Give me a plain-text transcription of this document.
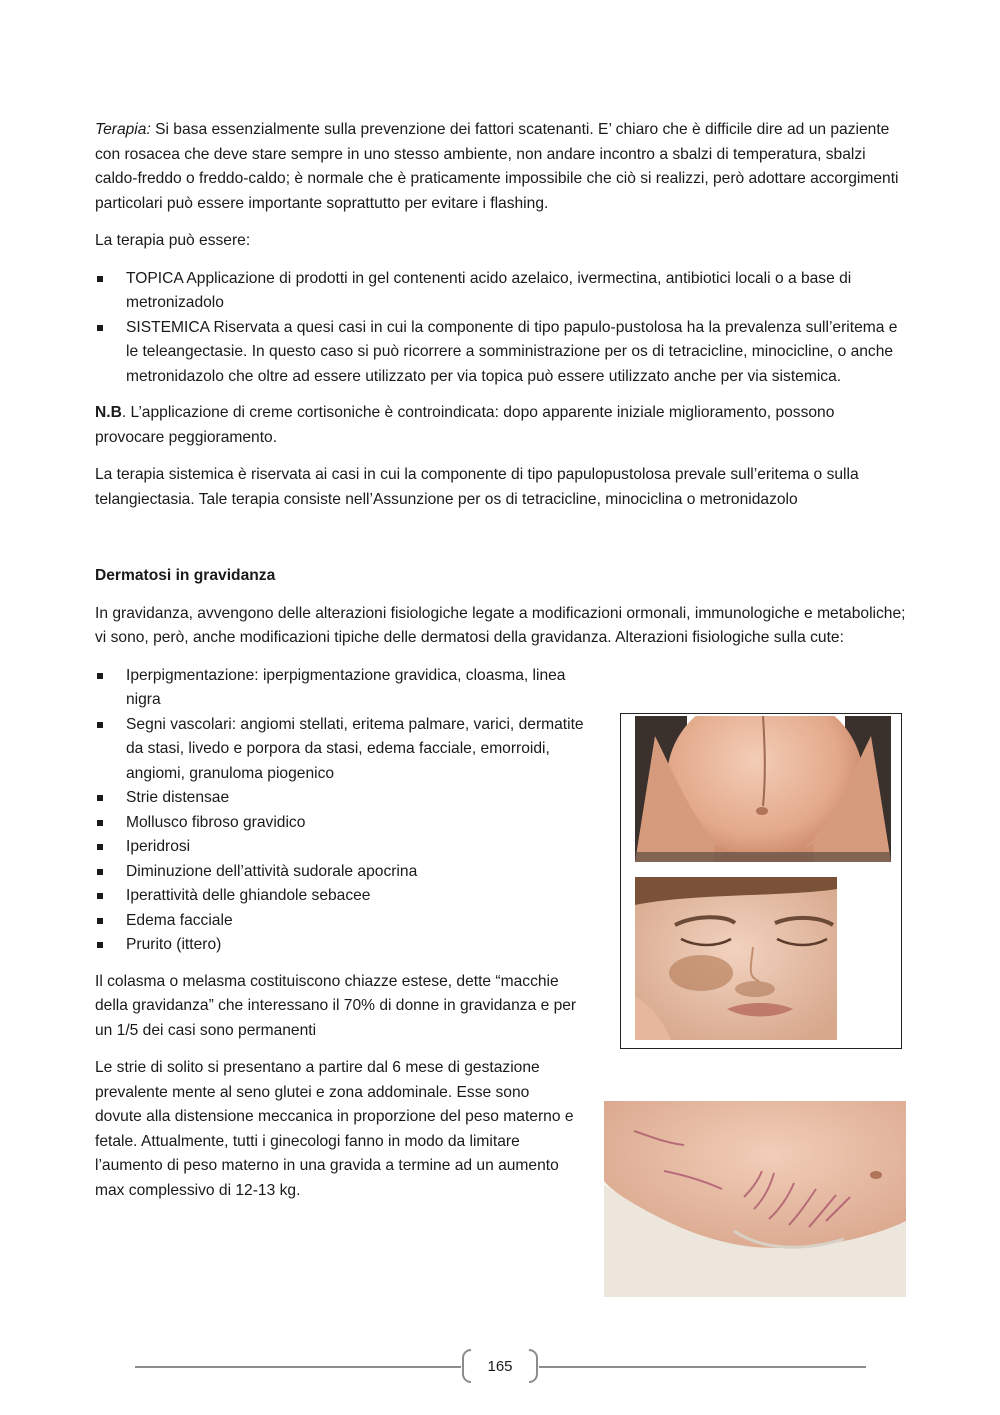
Terapia: Si basa essenzialmente sulla prevenzione dei fattori scatenanti. E’ chiaro che è difficile dire ad un paziente con rosacea che deve stare sempre in uno stesso ambiente, non andare incontro a sbalzi di temperatura, sbalzi caldo-freddo o freddo-caldo; è normale che è praticamente impossibile che ciò si realizzi, però adottare accorgimenti particolari può essere importante soprattutto per evitare i flashing.

La terapia può essere:

TOPICA Applicazione di prodotti in gel contenenti acido azelaico, ivermectina, antibiotici locali o a base di metronizadolo
SISTEMICA Riservata a quesi casi in cui la componente di tipo papulo-pustolosa ha la prevalenza sull’eritema e le teleangectasie. In questo caso si può ricorrere a somministrazione per os di tetracicline, minocicline, o anche metronidazolo che oltre ad essere utilizzato per via topica può essere utilizzato anche per via sistemica.

N.B. L’applicazione di creme cortisoniche è controindicata: dopo apparente iniziale miglioramento, possono provocare peggioramento.

La terapia sistemica è riservata ai casi in cui la componente di tipo papulopustolosa prevale sull’eritema o sulla telangiectasia. Tale terapia consiste nell’Assunzione per os di tetracicline, minociclina o metronidazolo

Dermatosi in gravidanza

In gravidanza, avvengono delle alterazioni fisiologiche legate a modificazioni ormonali, immunologiche e metaboliche; vi sono, però, anche modificazioni tipiche delle dermatosi della gravidanza. Alterazioni fisiologiche sulla cute:

Iperpigmentazione: iperpigmentazione gravidica, cloasma, linea nigra
Segni vascolari: angiomi stellati, eritema palmare, varici, dermatite da stasi, livedo e porpora da stasi, edema facciale, emorroidi, angiomi, granuloma piogenico
Strie distensae
Mollusco fibroso gravidico
Iperidrosi
Diminuzione dell’attività sudorale apocrina
Iperattività delle ghiandole sebacee
Edema facciale
Prurito (ittero)

Il colasma o melasma costituiscono chiazze estese, dette “macchie della gravidanza” che interessano il 70% di donne in gravidanza e per un 1/5 dei casi sono permanenti

Le strie di solito si presentano a partire dal 6 mese di gestazione prevalente mente al seno glutei e zona addominale. Esse sono dovute alla distensione meccanica in proporzione del peso materno e fetale. Attualmente, tutti i ginecologi fanno in modo da limitare l’aumento di peso materno in una gravida a termine ad un aumento max complessivo di 12-13 kg.

165
